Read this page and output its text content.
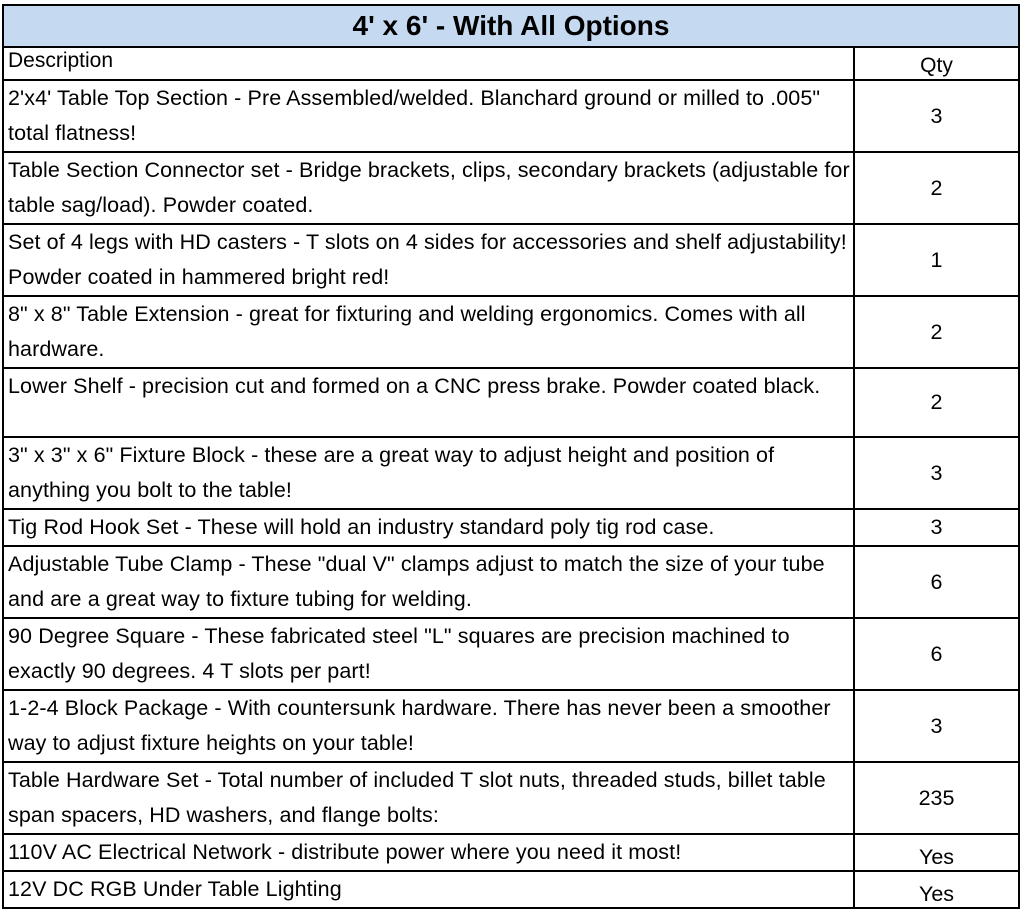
4' x 6' - With All Options	
Description	Qty
2'x4' Table Top Section - Pre Assembled/welded. Blanchard ground or milled to .005" total flatness!	3
Table Section Connector set - Bridge brackets, clips, secondary brackets (adjustable for table sag/load). Powder coated.	2
Set of 4 legs with HD casters - T slots on 4 sides for accessories and shelf adjustability! Powder coated in hammered bright red!	1
8" x 8" Table Extension - great for fixturing and welding ergonomics. Comes with all hardware.	2
Lower Shelf - precision cut and formed on a CNC press brake. Powder coated black.	2
3" x 3" x 6" Fixture Block - these are a great way to adjust height and position of anything you bolt to the table!	3
Tig Rod Hook Set - These will hold an industry standard poly tig rod case.	3
Adjustable Tube Clamp - These "dual V" clamps adjust to match the size of your tube and are a great way to fixture tubing for welding.	6
90 Degree Square - These fabricated steel "L" squares are precision machined to exactly 90 degrees. 4 T slots per part!	6
1-2-4 Block Package - With countersunk hardware. There has never been a smoother way to adjust fixture heights on your table!	3
Table Hardware Set - Total number of included T slot nuts, threaded studs, billet table span spacers, HD washers, and flange bolts:	235
110V AC Electrical Network - distribute power where you need it most!	Yes
12V DC RGB Under Table Lighting	Yes
